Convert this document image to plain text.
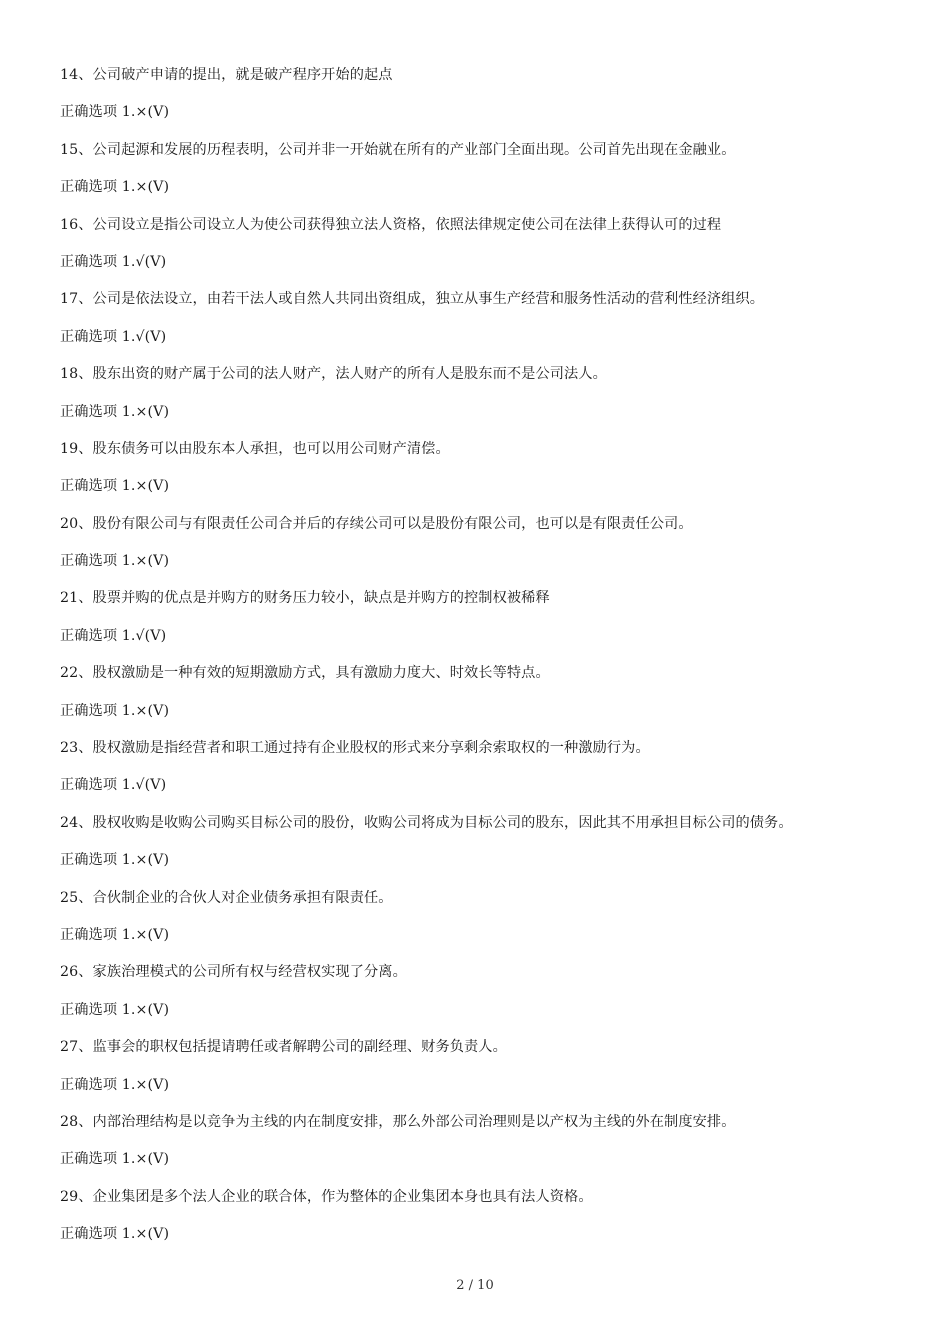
14、公司破产申请的提出，就是破产程序开始的起点
正确选项 1.×(V)
15、公司起源和发展的历程表明，公司并非一开始就在所有的产业部门全面出现。公司首先出现在金融业。
正确选项 1.×(V)
16、公司设立是指公司设立人为使公司获得独立法人资格，依照法律规定使公司在法律上获得认可的过程
正确选项 1.√(V)
17、公司是依法设立，由若干法人或自然人共同出资组成，独立从事生产经营和服务性活动的营利性经济组织。
正确选项 1.√(V)
18、股东出资的财产属于公司的法人财产，法人财产的所有人是股东而不是公司法人。
正确选项 1.×(V)
19、股东债务可以由股东本人承担，也可以用公司财产清偿。
正确选项 1.×(V)
20、股份有限公司与有限责任公司合并后的存续公司可以是股份有限公司，也可以是有限责任公司。
正确选项 1.×(V)
21、股票并购的优点是并购方的财务压力较小，缺点是并购方的控制权被稀释
正确选项 1.√(V)
22、股权激励是一种有效的短期激励方式，具有激励力度大、时效长等特点。
正确选项 1.×(V)
23、股权激励是指经营者和职工通过持有企业股权的形式来分享剩余索取权的一种激励行为。
正确选项 1.√(V)
24、股权收购是收购公司购买目标公司的股份，收购公司将成为目标公司的股东，因此其不用承担目标公司的债务。
正确选项 1.×(V)
25、合伙制企业的合伙人对企业债务承担有限责任。
正确选项 1.×(V)
26、家族治理模式的公司所有权与经营权实现了分离。
正确选项 1.×(V)
27、监事会的职权包括提请聘任或者解聘公司的副经理、财务负责人。
正确选项 1.×(V)
28、内部治理结构是以竞争为主线的内在制度安排，那么外部公司治理则是以产权为主线的外在制度安排。
正确选项 1.×(V)
29、企业集团是多个法人企业的联合体，作为整体的企业集团本身也具有法人资格。
正确选项 1.×(V)
2 / 10
